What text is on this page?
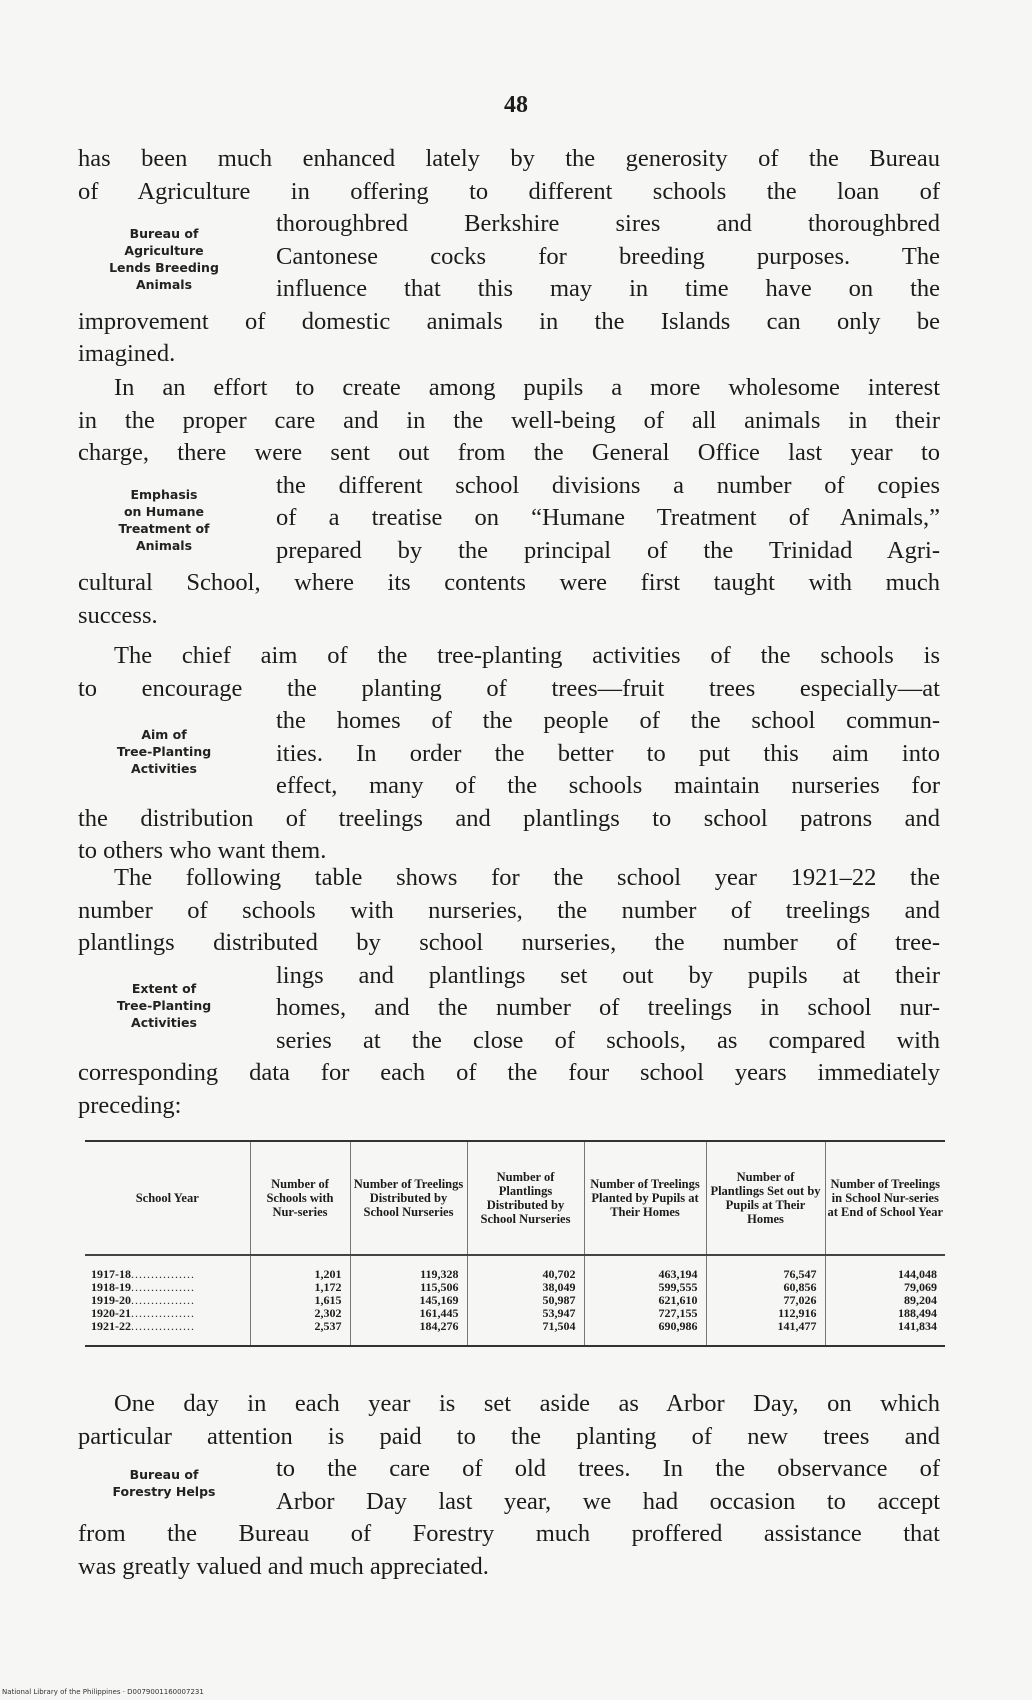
48

has been much enhanced lately by the generosity of the Bureau
of Agriculture in offering to different schools the loan of
thoroughbred Berkshire sires and thoroughbred
Cantonese cocks for breeding purposes. The
influence that this may in time have on the
improvement of domestic animals in the Islands can only be
imagined.

Bureau of
Agriculture
Lends Breeding
Animals

In an effort to create among pupils a more wholesome interest
in the proper care and in the well-being of all animals in their
charge, there were sent out from the General Office last year to
the different school divisions a number of copies
of a treatise on “Humane Treatment of Animals,”
prepared by the principal of the Trinidad Agri-
cultural School, where its contents were first taught with much
success.

Emphasis
on Humane
Treatment of
Animals

The chief aim of the tree-planting activities of the schools is
to encourage the planting of trees—fruit trees especially—at
the homes of the people of the school commun-
ities. In order the better to put this aim into
effect, many of the schools maintain nurseries for
the distribution of treelings and plantlings to school patrons and
to others who want them.

Aim of
Tree-Planting
Activities

The following table shows for the school year 1921–22 the
number of schools with nurseries, the number of treelings and
plantlings distributed by school nurseries, the number of tree-
lings and plantlings set out by pupils at their
homes, and the number of treelings in school nur-
series at the close of schools, as compared with
corresponding data for each of the four school years immediately
preceding:

Extent of
Tree-Planting
Activities
School Year	Number of Schools with Nur-series	Number of Treelings Distributed by School Nurseries	Number of Plantlings Distributed by School Nurseries	Number of Treelings Planted by Pupils at Their Homes	Number of Plantlings Set out by Pupils at Their Homes	Number of Treelings in School Nur-series at End of School Year
1917-18................	1,201	119,328	40,702	463,194	76,547	144,048
1918-19................	1,172	115,506	38,049	599,555	60,856	79,069
1919-20................	1,615	145,169	50,987	621,610	77,026	89,204
1920-21................	2,302	161,445	53,947	727,155	112,916	188,494
1921-22................	2,537	184,276	71,504	690,986	141,477	141,834

One day in each year is set aside as Arbor Day, on which
particular attention is paid to the planting of new trees and
to the care of old trees. In the observance of
Arbor Day last year, we had occasion to accept
from the Bureau of Forestry much proffered assistance that
was greatly valued and much appreciated.

Bureau of
Forestry Helps
National Library of the Philippines · D0079001160007231
